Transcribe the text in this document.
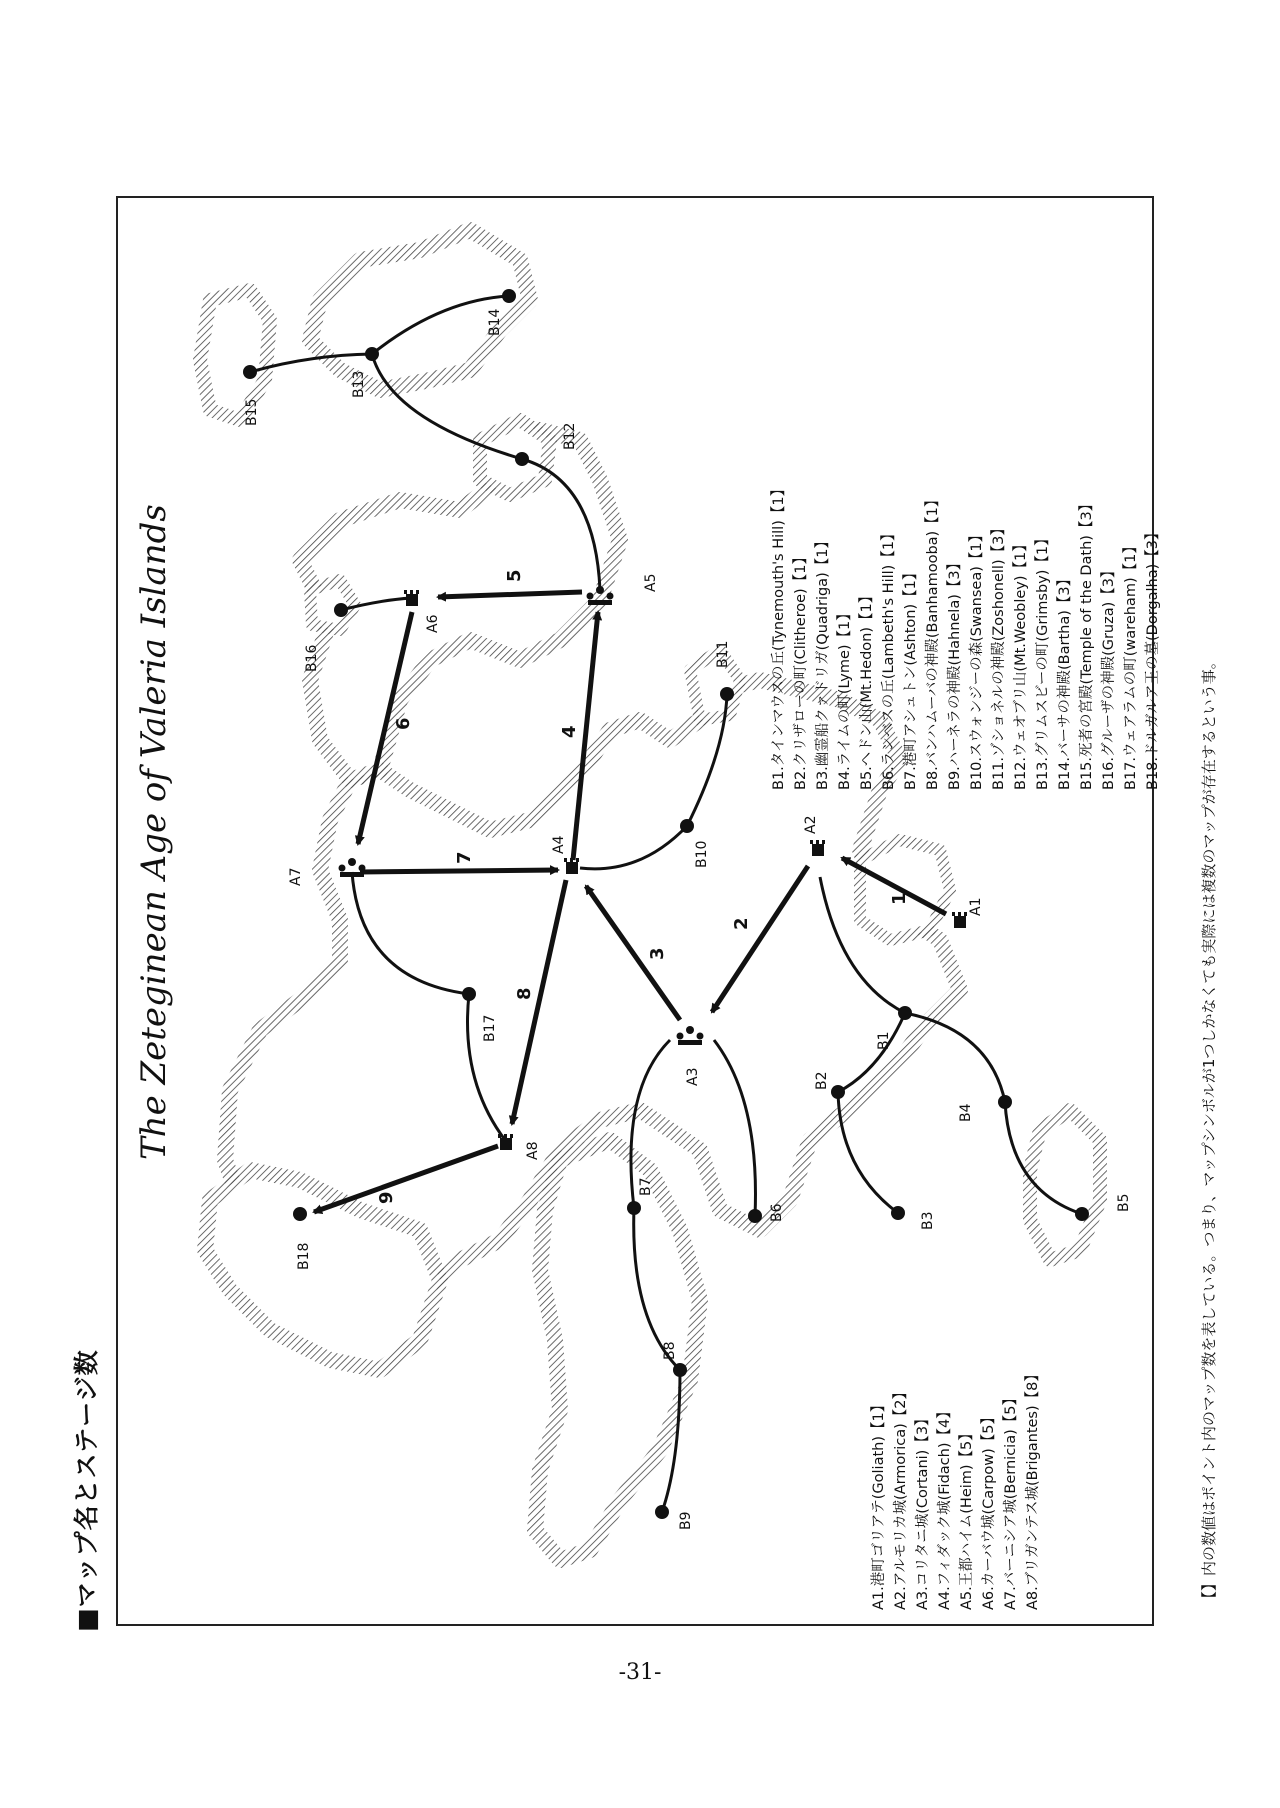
■マップ名とステージ数
1
2
3
4
5
6
7
8
9
A1
A2
A3
A4
A5
A6
A7
A8
B1
B2
B3
B4
B5
B6
B7
B8
B9
B10
B11
B12
B13
B14
B15
B16
B17
B18
The Zeteginean Age of Valeria Islands
A1.港町ゴリアテ(Goliath)【1】 A2.アルモリカ城(Armorica)【2】 A3.コリタニ城(Cortani)【3】 A4.フィダック城(Fidach)【4】 A5.王都ハイム(Heim)【5】 A6.カーバウ城(Carpow)【5】 A7.バーニシア城(Bernicia)【5】 A8.ブリガンテス城(Brigantes)【8】
B1.タインマウスの丘(Tynemouth's Hill)【1】 B2.クリザローの町(Clitheroe)【1】 B3.幽霊船クァドリガ(Quadriga)【1】 B4.ライムの町(Lyme)【1】 B5.ヘドン山(Mt.Hedon)【1】 B6.ランベスの丘(Lambeth's Hill)【1】 B7.港町アシュトン(Ashton)【1】 B8.バンハムーバの神殿(Banhamooba)【1】 B9.ハーネラの神殿(Hahnela)【3】 B10.スウォンジーの森(Swansea)【1】 B11.ゾショネルの神殿(Zoshonell)【3】 B12.ウェオブリ山(Mt.Weobley)【1】 B13.グリムスビーの町(Grimsby)【1】 B14.バーサの神殿(Bartha)【3】 B15.死者の宮殿(Temple of the Dath)【3】 B16.グルーザの神殿(Gruza)【3】 B17.ウェアラムの町(wareham)【1】 B18.ドルガルア王の墓(Dorgalha)【3】	【】内の数値はポイント内のマップ数を表している。つまり、マップシンボルが1つしかなくても実際には複数のマップが存在するという事。
-31-
